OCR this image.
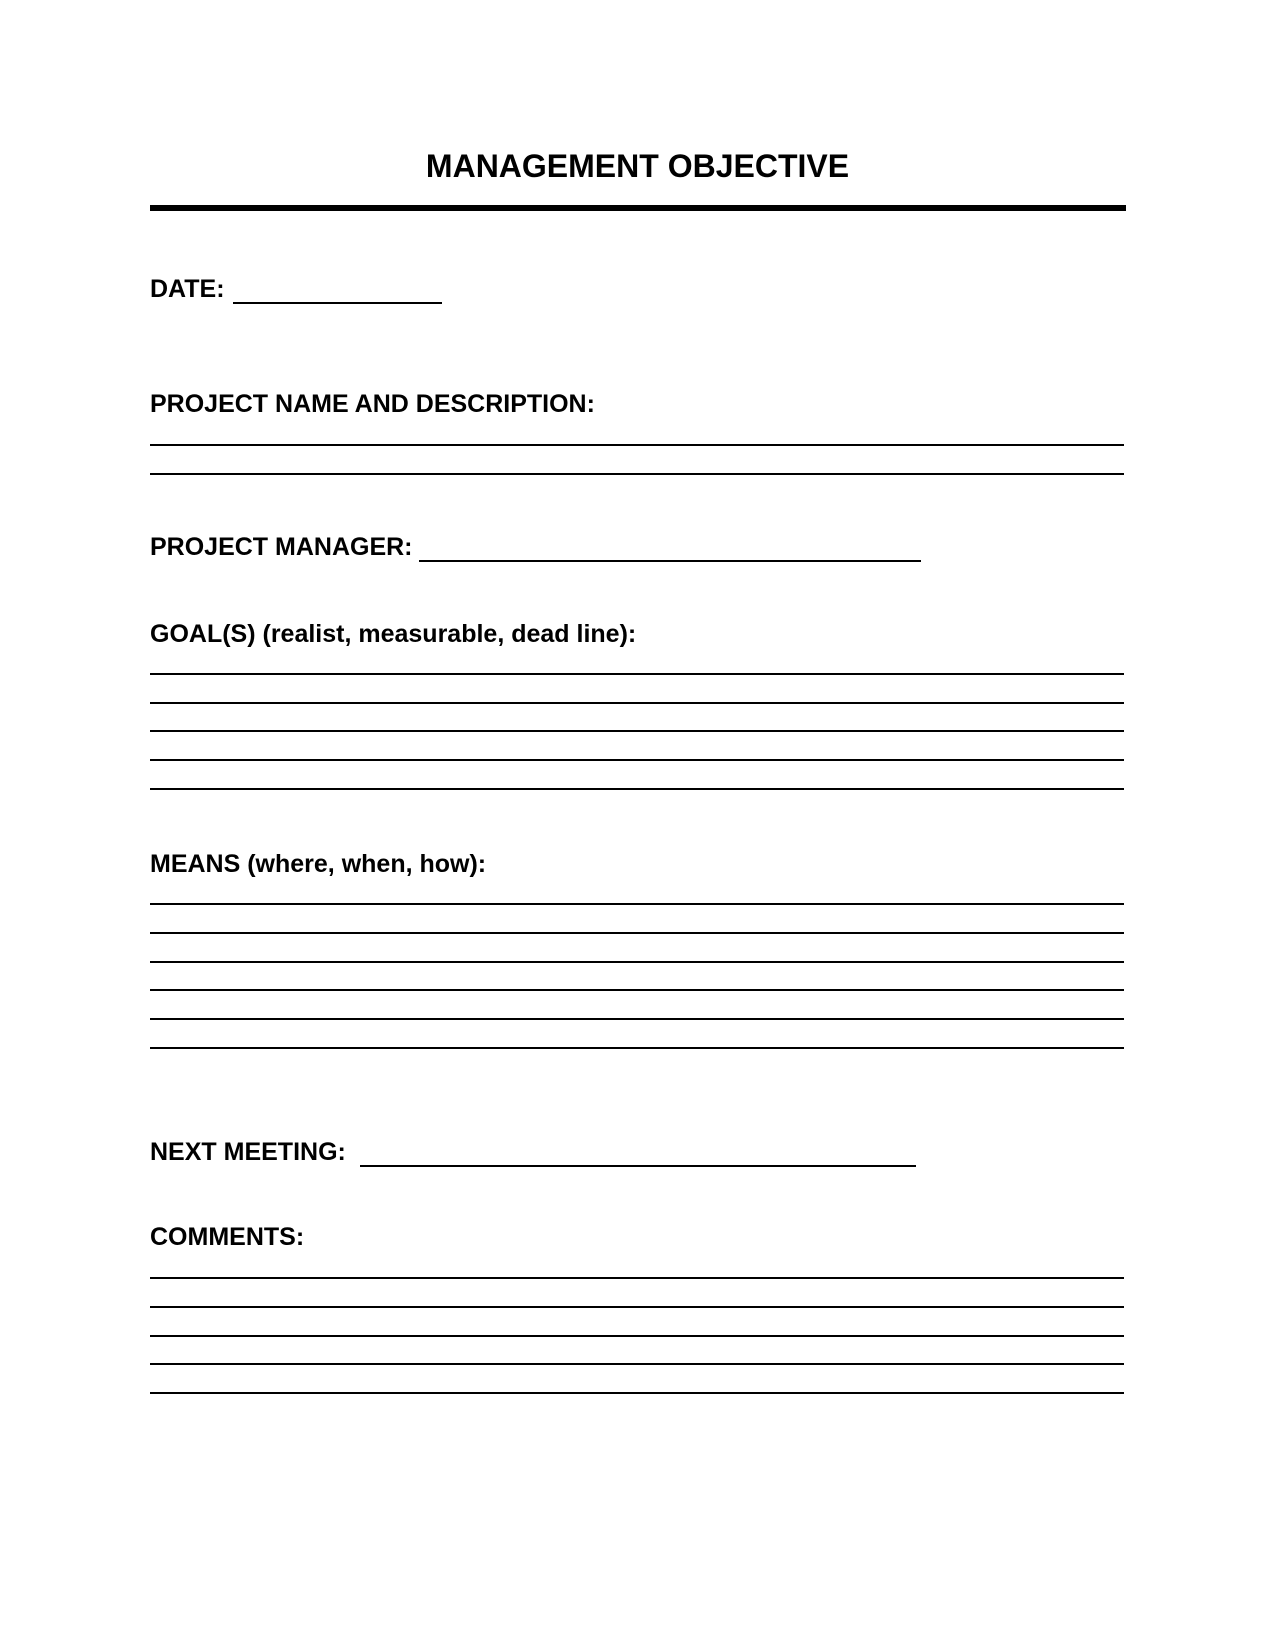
MANAGEMENT OBJECTIVE
DATE:
PROJECT NAME AND DESCRIPTION:
PROJECT MANAGER:
GOAL(S) (realist, measurable, dead line):
MEANS (where, when, how):
NEXT MEETING:
COMMENTS:
